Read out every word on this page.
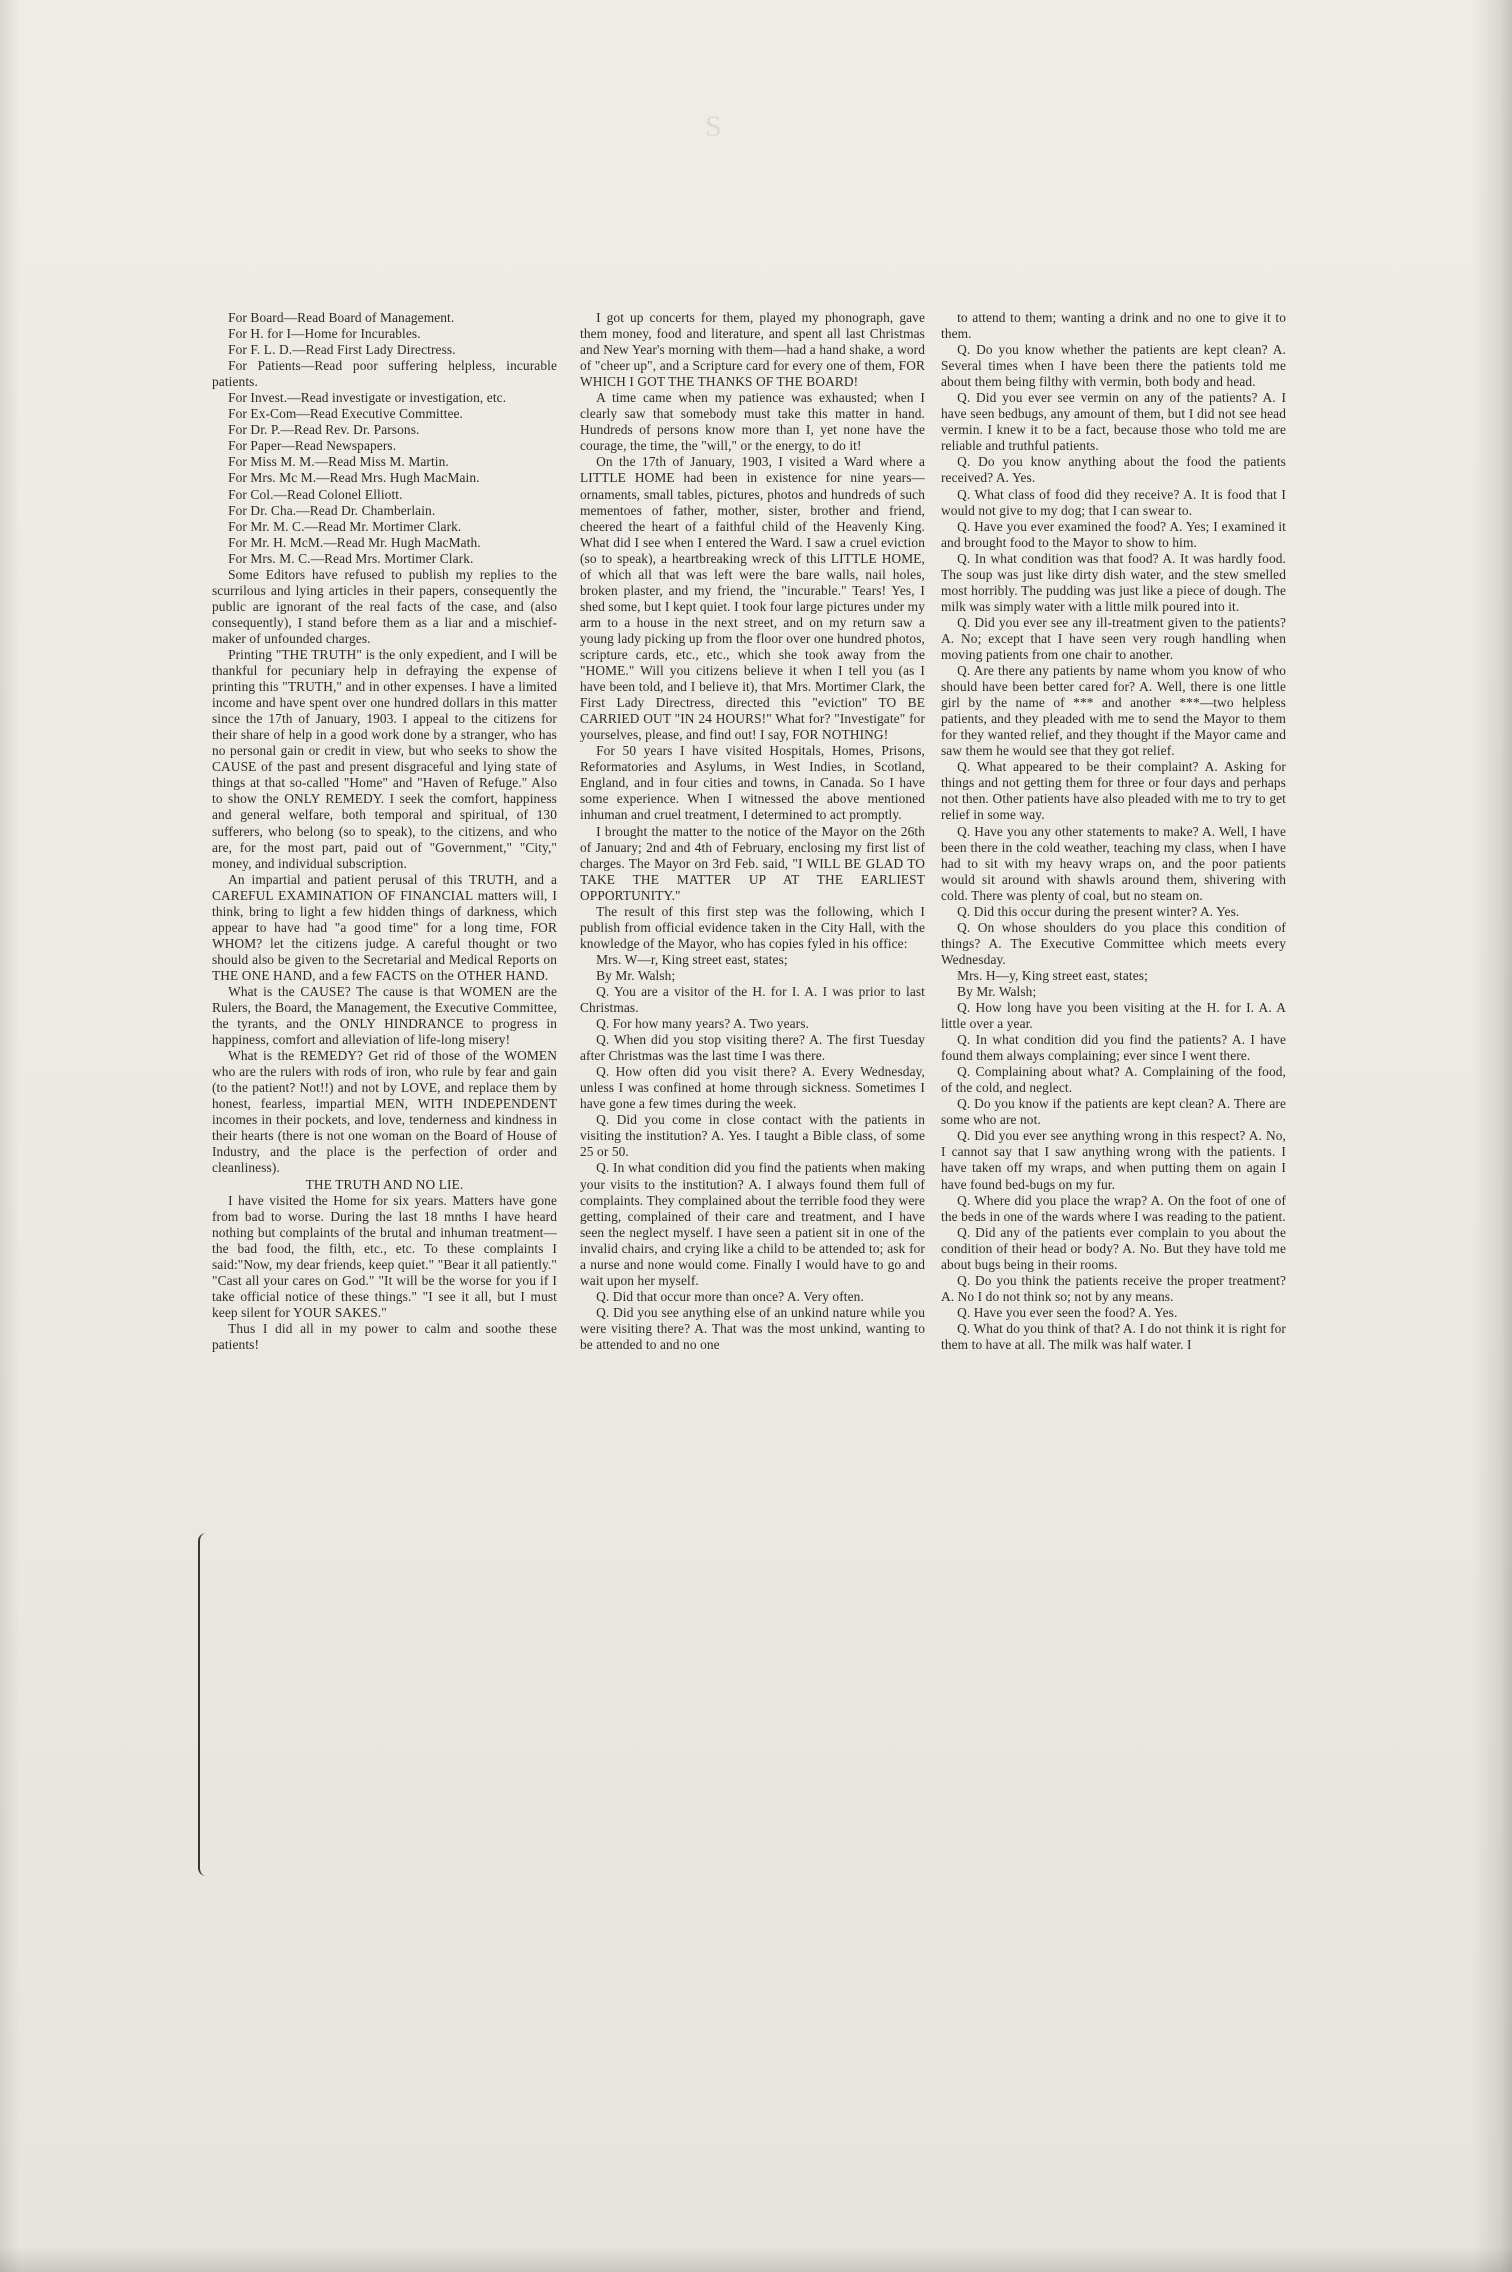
S

For Board—Read Board of Management.

For H. for I—Home for Incurables.

For F. L. D.—Read First Lady Directress.

For Patients—Read poor suffering helpless, incurable patients.

For Invest.—Read investigate or investigation, etc.

For Ex-Com—Read Executive Committee.

For Dr. P.—Read Rev. Dr. Parsons.

For Paper—Read Newspapers.

For Miss M. M.—Read Miss M. Martin.

For Mrs. Mc M.—Read Mrs. Hugh MacMain.

For Col.—Read Colonel Elliott.

For Dr. Cha.—Read Dr. Chamberlain.

For Mr. M. C.—Read Mr. Mortimer Clark.

For Mr. H. McM.—Read Mr. Hugh MacMath.

For Mrs. M. C.—Read Mrs. Mortimer Clark.

Some Editors have refused to publish my replies to the scurrilous and lying articles in their papers, consequently the public are ignorant of the real facts of the case, and (also consequently), I stand before them as a liar and a mischief-maker of unfounded charges.

Printing "THE TRUTH" is the only expedient, and I will be thankful for pecuniary help in defraying the expense of printing this "TRUTH," and in other expenses. I have a limited income and have spent over one hundred dollars in this matter since the 17th of January, 1903. I appeal to the citizens for their share of help in a good work done by a stranger, who has no personal gain or credit in view, but who seeks to show the CAUSE of the past and present disgraceful and lying state of things at that so-called "Home" and "Haven of Refuge." Also to show the ONLY REMEDY. I seek the comfort, happiness and general welfare, both temporal and spiritual, of 130 sufferers, who belong (so to speak), to the citizens, and who are, for the most part, paid out of "Government," "City," money, and individual subscription.

An impartial and patient perusal of this TRUTH, and a CAREFUL EXAMINATION OF FINANCIAL matters will, I think, bring to light a few hidden things of darkness, which appear to have had "a good time" for a long time, FOR WHOM? let the citizens judge. A careful thought or two should also be given to the Secretarial and Medical Reports on THE ONE HAND, and a few FACTS on the OTHER HAND.

What is the CAUSE? The cause is that WOMEN are the Rulers, the Board, the Management, the Executive Committee, the tyrants, and the ONLY HINDRANCE to progress in happiness, comfort and alleviation of life-long misery!

What is the REMEDY? Get rid of those of the WOMEN who are the rulers with rods of iron, who rule by fear and gain (to the patient? Not!!) and not by LOVE, and replace them by honest, fearless, impartial MEN, WITH INDEPENDENT incomes in their pockets, and love, tenderness and kindness in their hearts (there is not one woman on the Board of House of Industry, and the place is the perfection of order and cleanliness).

THE TRUTH AND NO LIE.

I have visited the Home for six years. Matters have gone from bad to worse. During the last 18 mnths I have heard nothing but complaints of the brutal and inhuman treatment—the bad food, the filth, etc., etc. To these complaints I said:"Now, my dear friends, keep quiet." "Bear it all patiently." "Cast all your cares on God." "It will be the worse for you if I take official notice of these things." "I see it all, but I must keep silent for YOUR SAKES."

Thus I did all in my power to calm and soothe these patients!

I got up concerts for them, played my phonograph, gave them money, food and literature, and spent all last Christmas and New Year's morning with them—had a hand shake, a word of "cheer up", and a Scripture card for every one of them, FOR WHICH I GOT THE THANKS OF THE BOARD!

A time came when my patience was exhausted; when I clearly saw that somebody must take this matter in hand. Hundreds of persons know more than I, yet none have the courage, the time, the "will," or the energy, to do it!

On the 17th of January, 1903, I visited a Ward where a LITTLE HOME had been in existence for nine years—ornaments, small tables, pictures, photos and hundreds of such mementoes of father, mother, sister, brother and friend, cheered the heart of a faithful child of the Heavenly King. What did I see when I entered the Ward. I saw a cruel eviction (so to speak), a heartbreaking wreck of this LITTLE HOME, of which all that was left were the bare walls, nail holes, broken plaster, and my friend, the "incurable." Tears! Yes, I shed some, but I kept quiet. I took four large pictures under my arm to a house in the next street, and on my return saw a young lady picking up from the floor over one hundred photos, scripture cards, etc., etc., which she took away from the "HOME." Will you citizens believe it when I tell you (as I have been told, and I believe it), that Mrs. Mortimer Clark, the First Lady Directress, directed this "eviction" TO BE CARRIED OUT "IN 24 HOURS!" What for? "Investigate" for yourselves, please, and find out! I say, FOR NOTHING!

For 50 years I have visited Hospitals, Homes, Prisons, Reformatories and Asylums, in West Indies, in Scotland, England, and in four cities and towns, in Canada. So I have some experience. When I witnessed the above mentioned inhuman and cruel treatment, I determined to act promptly.

I brought the matter to the notice of the Mayor on the 26th of January; 2nd and 4th of February, enclosing my first list of charges. The Mayor on 3rd Feb. said, "I WILL BE GLAD TO TAKE THE MATTER UP AT THE EARLIEST OPPORTUNITY."

The result of this first step was the following, which I publish from official evidence taken in the City Hall, with the knowledge of the Mayor, who has copies fyled in his office:

Mrs. W—r, King street east, states;

By Mr. Walsh;

Q. You are a visitor of the H. for I. A. I was prior to last Christmas.

Q. For how many years? A. Two years.

Q. When did you stop visiting there? A. The first Tuesday after Christmas was the last time I was there.

Q. How often did you visit there? A. Every Wednesday, unless I was confined at home through sickness. Sometimes I have gone a few times during the week.

Q. Did you come in close contact with the patients in visiting the institution? A. Yes. I taught a Bible class, of some 25 or 50.

Q. In what condition did you find the patients when making your visits to the institution? A. I always found them full of complaints. They complained about the terrible food they were getting, complained of their care and treatment, and I have seen the neglect myself. I have seen a patient sit in one of the invalid chairs, and crying like a child to be attended to; ask for a nurse and none would come. Finally I would have to go and wait upon her myself.

Q. Did that occur more than once? A. Very often.

Q. Did you see anything else of an unkind nature while you were visiting there? A. That was the most unkind, wanting to be attended to and no one

to attend to them; wanting a drink and no one to give it to them.

Q. Do you know whether the patients are kept clean? A. Several times when I have been there the patients told me about them being filthy with vermin, both body and head.

Q. Did you ever see vermin on any of the patients? A. I have seen bedbugs, any amount of them, but I did not see head vermin. I knew it to be a fact, because those who told me are reliable and truthful patients.

Q. Do you know anything about the food the patients received? A. Yes.

Q. What class of food did they receive? A. It is food that I would not give to my dog; that I can swear to.

Q. Have you ever examined the food? A. Yes; I examined it and brought food to the Mayor to show to him.

Q. In what condition was that food? A. It was hardly food. The soup was just like dirty dish water, and the stew smelled most horribly. The pudding was just like a piece of dough. The milk was simply water with a little milk poured into it.

Q. Did you ever see any ill-treatment given to the patients? A. No; except that I have seen very rough handling when moving patients from one chair to another.

Q. Are there any patients by name whom you know of who should have been better cared for? A. Well, there is one little girl by the name of *** and another ***—two helpless patients, and they pleaded with me to send the Mayor to them for they wanted relief, and they thought if the Mayor came and saw them he would see that they got relief.

Q. What appeared to be their complaint? A. Asking for things and not getting them for three or four days and perhaps not then. Other patients have also pleaded with me to try to get relief in some way.

Q. Have you any other statements to make? A. Well, I have been there in the cold weather, teaching my class, when I have had to sit with my heavy wraps on, and the poor patients would sit around with shawls around them, shivering with cold. There was plenty of coal, but no steam on.

Q. Did this occur during the present winter? A. Yes.

Q. On whose shoulders do you place this condition of things? A. The Executive Committee which meets every Wednesday.

Mrs. H—y, King street east, states;

By Mr. Walsh;

Q. How long have you been visiting at the H. for I. A. A little over a year.

Q. In what condition did you find the patients? A. I have found them always complaining; ever since I went there.

Q. Complaining about what? A. Complaining of the food, of the cold, and neglect.

Q. Do you know if the patients are kept clean? A. There are some who are not.

Q. Did you ever see anything wrong in this respect? A. No, I cannot say that I saw anything wrong with the patients. I have taken off my wraps, and when putting them on again I have found bed-bugs on my fur.

Q. Where did you place the wrap? A. On the foot of one of the beds in one of the wards where I was reading to the patient.

Q. Did any of the patients ever complain to you about the condition of their head or body? A. No. But they have told me about bugs being in their rooms.

Q. Do you think the patients receive the proper treatment? A. No I do not think so; not by any means.

Q. Have you ever seen the food? A. Yes.

Q. What do you think of that? A. I do not think it is right for them to have at all. The milk was half water. I
